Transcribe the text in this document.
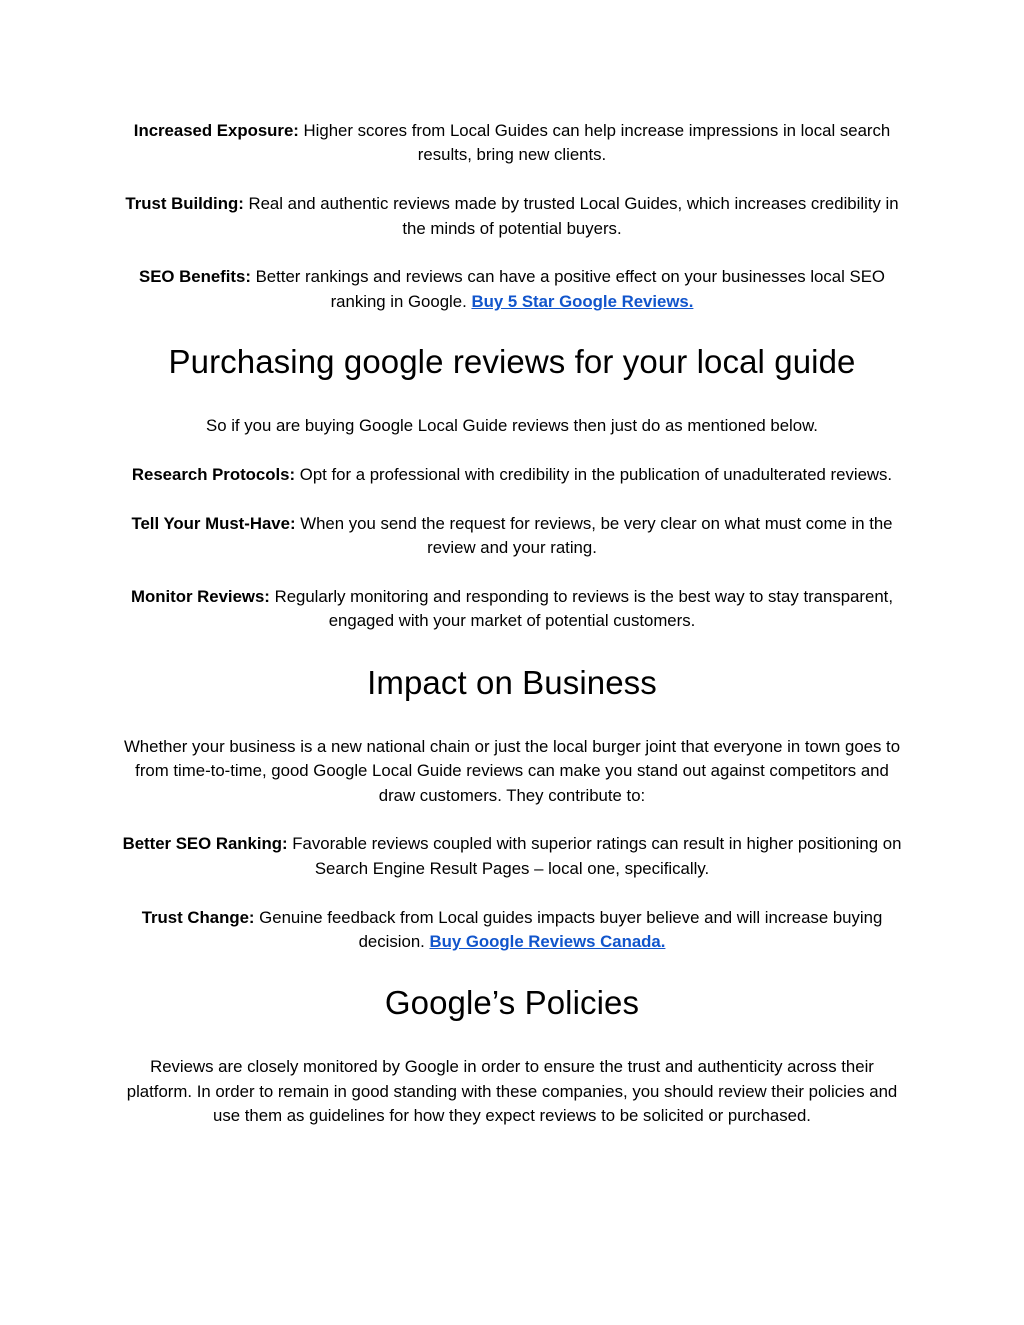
Increased Exposure: Higher scores from Local Guides can help increase impressions in local search results, bring new clients.

Trust Building: Real and authentic reviews made by trusted Local Guides, which increases credibility in the minds of potential buyers.

SEO Benefits: Better rankings and reviews can have a positive effect on your businesses local SEO ranking in Google. Buy 5 Star Google Reviews.

Purchasing google reviews for your local guide

So if you are buying Google Local Guide reviews then just do as mentioned below.

Research Protocols: Opt for a professional with credibility in the publication of unadulterated reviews.

Tell Your Must-Have: When you send the request for reviews, be very clear on what must come in the review and your rating.

Monitor Reviews: Regularly monitoring and responding to reviews is the best way to stay transparent, engaged with your market of potential customers.

Impact on Business

Whether your business is a new national chain or just the local burger joint that everyone in town goes to from time-to-time, good Google Local Guide reviews can make you stand out against competitors and draw customers. They contribute to:

Better SEO Ranking: Favorable reviews coupled with superior ratings can result in higher positioning on Search Engine Result Pages – local one, specifically.

Trust Change: Genuine feedback from Local guides impacts buyer believe and will increase buying decision. Buy Google Reviews Canada.

Google’s Policies

Reviews are closely monitored by Google in order to ensure the trust and authenticity across their platform. In order to remain in good standing with these companies, you should review their policies and use them as guidelines for how they expect reviews to be solicited or purchased.
